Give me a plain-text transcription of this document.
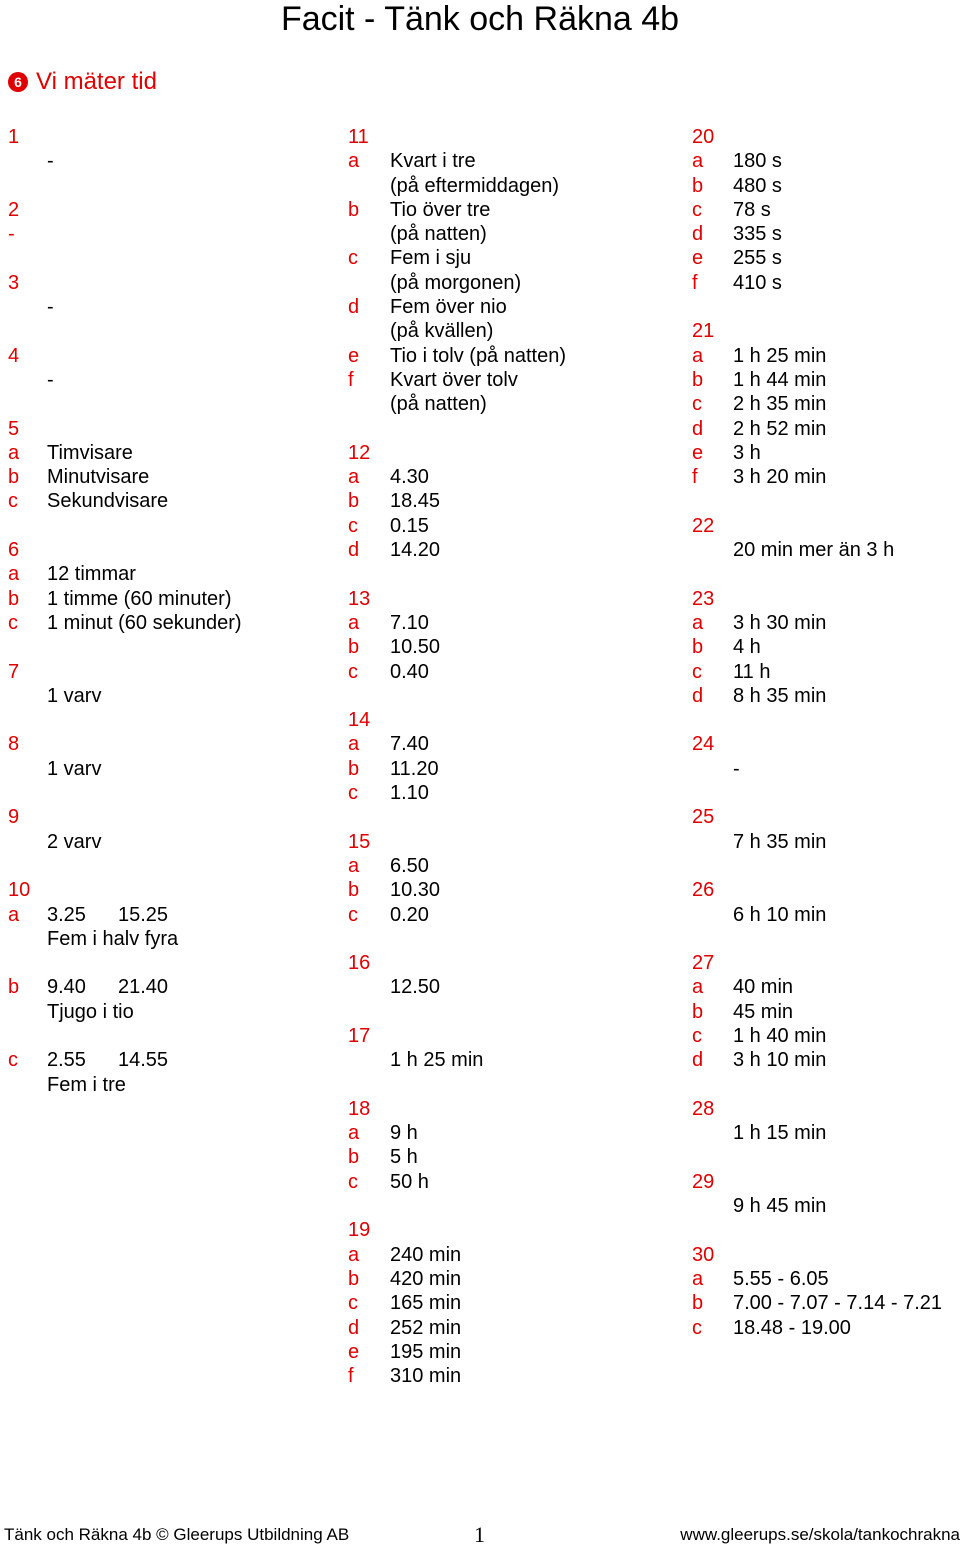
Facit - Tänk och Räkna 4b
6 Vi mäter tid
1
-
2
-
3
-
4
-
5
a Timvisare
b Minutvisare
c Sekundvisare
6
a 12 timmar
b 1 timme (60 minuter)
c 1 minut (60 sekunder)
7
1 varv
8
1 varv
9
2 varv
10
a 3.25 15.25
Fem i halv fyra
b 9.40 21.40
Tjugo i tio
c 2.55 14.55
Fem i tre
11
a Kvart i tre
(på eftermiddagen)
b Tio över tre
(på natten)
c Fem i sju
(på morgonen)
d Fem över nio
(på kvällen)
e Tio i tolv (på natten)
f Kvart över tolv
(på natten)
12
a 4.30
b 18.45
c 0.15
d 14.20
13
a 7.10
b 10.50
c 0.40
14
a 7.40
b 11.20
c 1.10
15
a 6.50
b 10.30
c 0.20
16
12.50
17
1 h 25 min
18
a 9 h
b 5 h
c 50 h
19
a 240 min
b 420 min
c 165 min
d 252 min
e 195 min
f 310 min
20
a 180 s
b 480 s
c 78 s
d 335 s
e 255 s
f 410 s
21
a 1 h 25 min
b 1 h 44 min
c 2 h 35 min
d 2 h 52 min
e 3 h
f 3 h 20 min
22
20 min mer än 3 h
23
a 3 h 30 min
b 4 h
c 11 h
d 8 h 35 min
24
-
25
7 h 35 min
26
6 h 10 min
27
a 40 min
b 45 min
c 1 h 40 min
d 3 h 10 min
28
1 h 15 min
29
9 h 45 min
30
a 5.55 - 6.05
b 7.00 - 7.07 - 7.14 - 7.21
c 18.48 - 19.00
Tänk och Räkna 4b © Gleerups Utbildning AB	1	www.gleerups.se/skola/tankochrakna
